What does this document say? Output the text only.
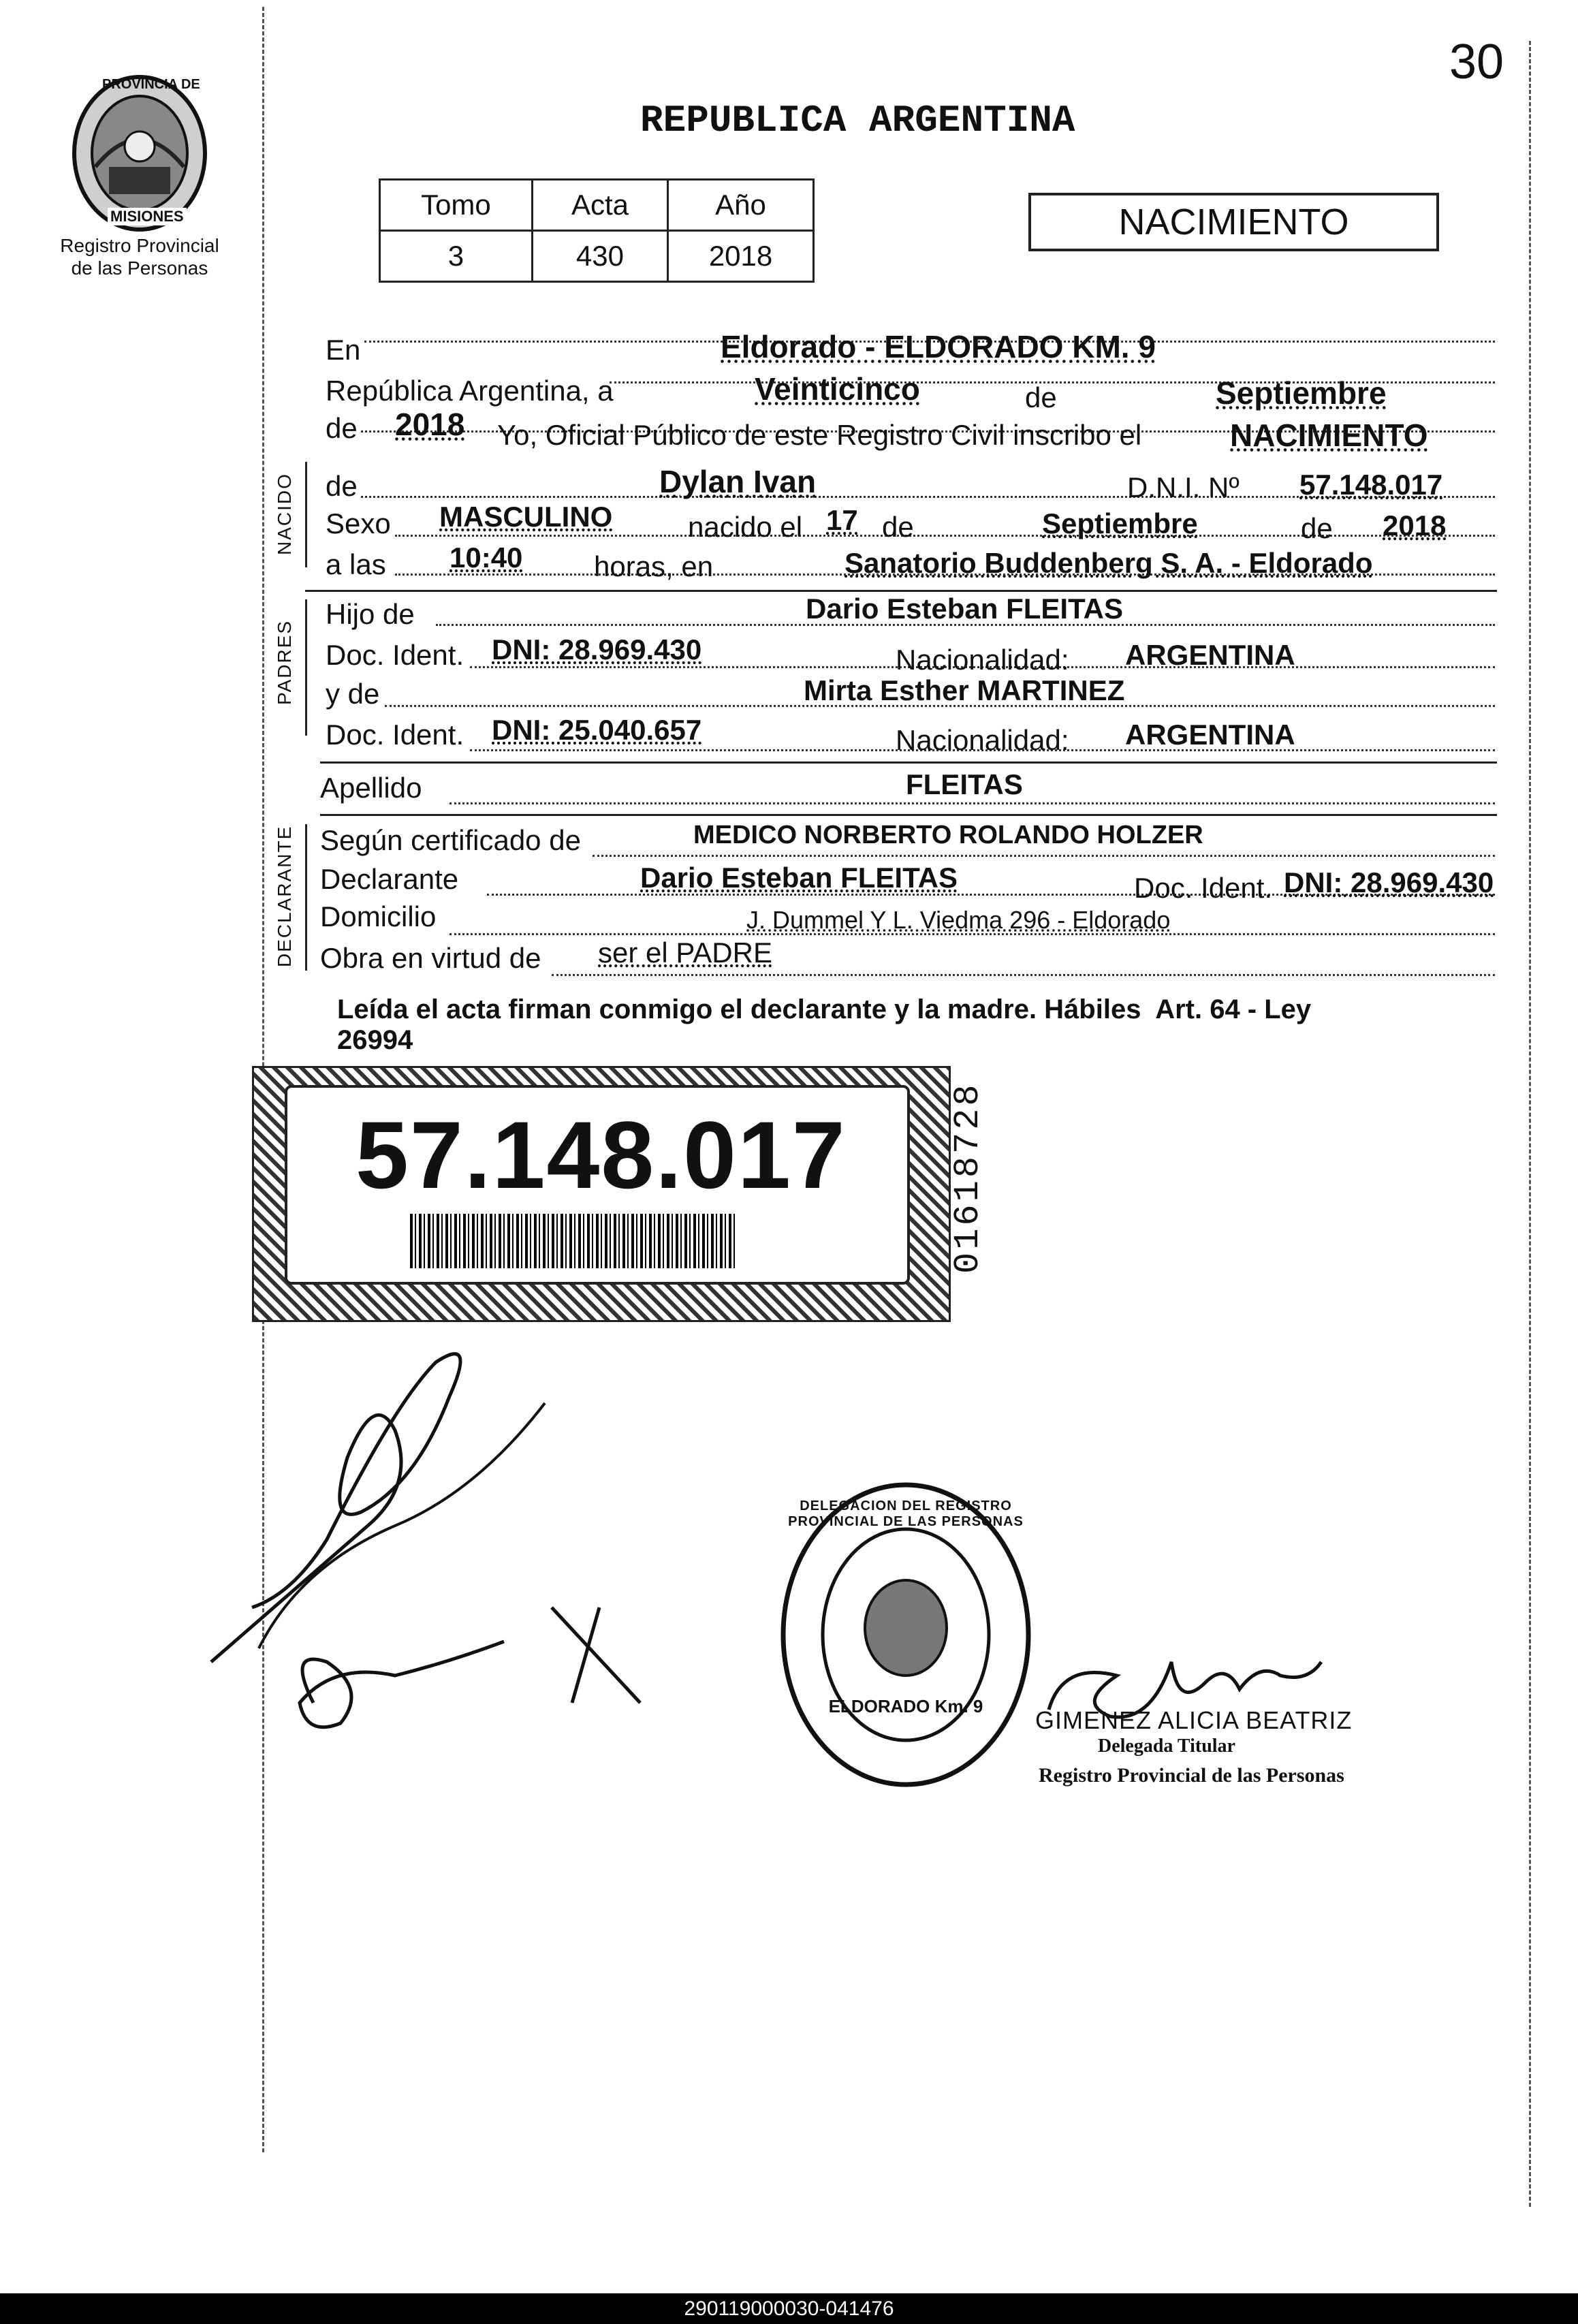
30
PROVINCIA DE
MISIONES
Registro Provincial
de las Personas
REPUBLICA ARGENTINA
Tomo	Acta	Año
3	430	2018
NACIMIENTO
En	Eldorado - ELDORADO KM. 9
República Argentina, a	Veinticinco	de	Septiembre
de 2018 Yo, Oficial Público de este Registro Civil inscribo el	NACIMIENTO
NACIDO de	Dylan Ivan	D.N.I. Nº 57.148.017
Sexo MASCULINO	nacido el 17 de	Septiembre	de 2018
a las 10:40 horas, en	Sanatorio Buddenberg S. A. - Eldorado
PADRES
Hijo de	Dario Esteban FLEITAS
Doc. Ident. DNI: 28.969.430	Nacionalidad: ARGENTINA
y de	Mirta Esther MARTINEZ
Doc. Ident. DNI: 25.040.657	Nacionalidad: ARGENTINA
Apellido	FLEITAS
DECLARANTE Según certificado de	MEDICO NORBERTO ROLANDO HOLZER
Declarante	Dario Esteban FLEITAS	Doc. Ident. DNI: 28.969.430
Domicilio	J. Dummel Y L. Viedma 296 - Eldorado
Obra en virtud de ser el PADRE
Leída el acta firman conmigo el declarante y la madre. Hábiles  Art. 64 - Ley
26994
57.148.017	01618728
DELEGACION DEL REGISTRO PROVINCIAL DE LAS PERSONAS
ELDORADO Km. 9	GIMENEZ ALICIA BEATRIZ
Delegada Titular
Registro Provincial de las Personas
290119000030-041476
